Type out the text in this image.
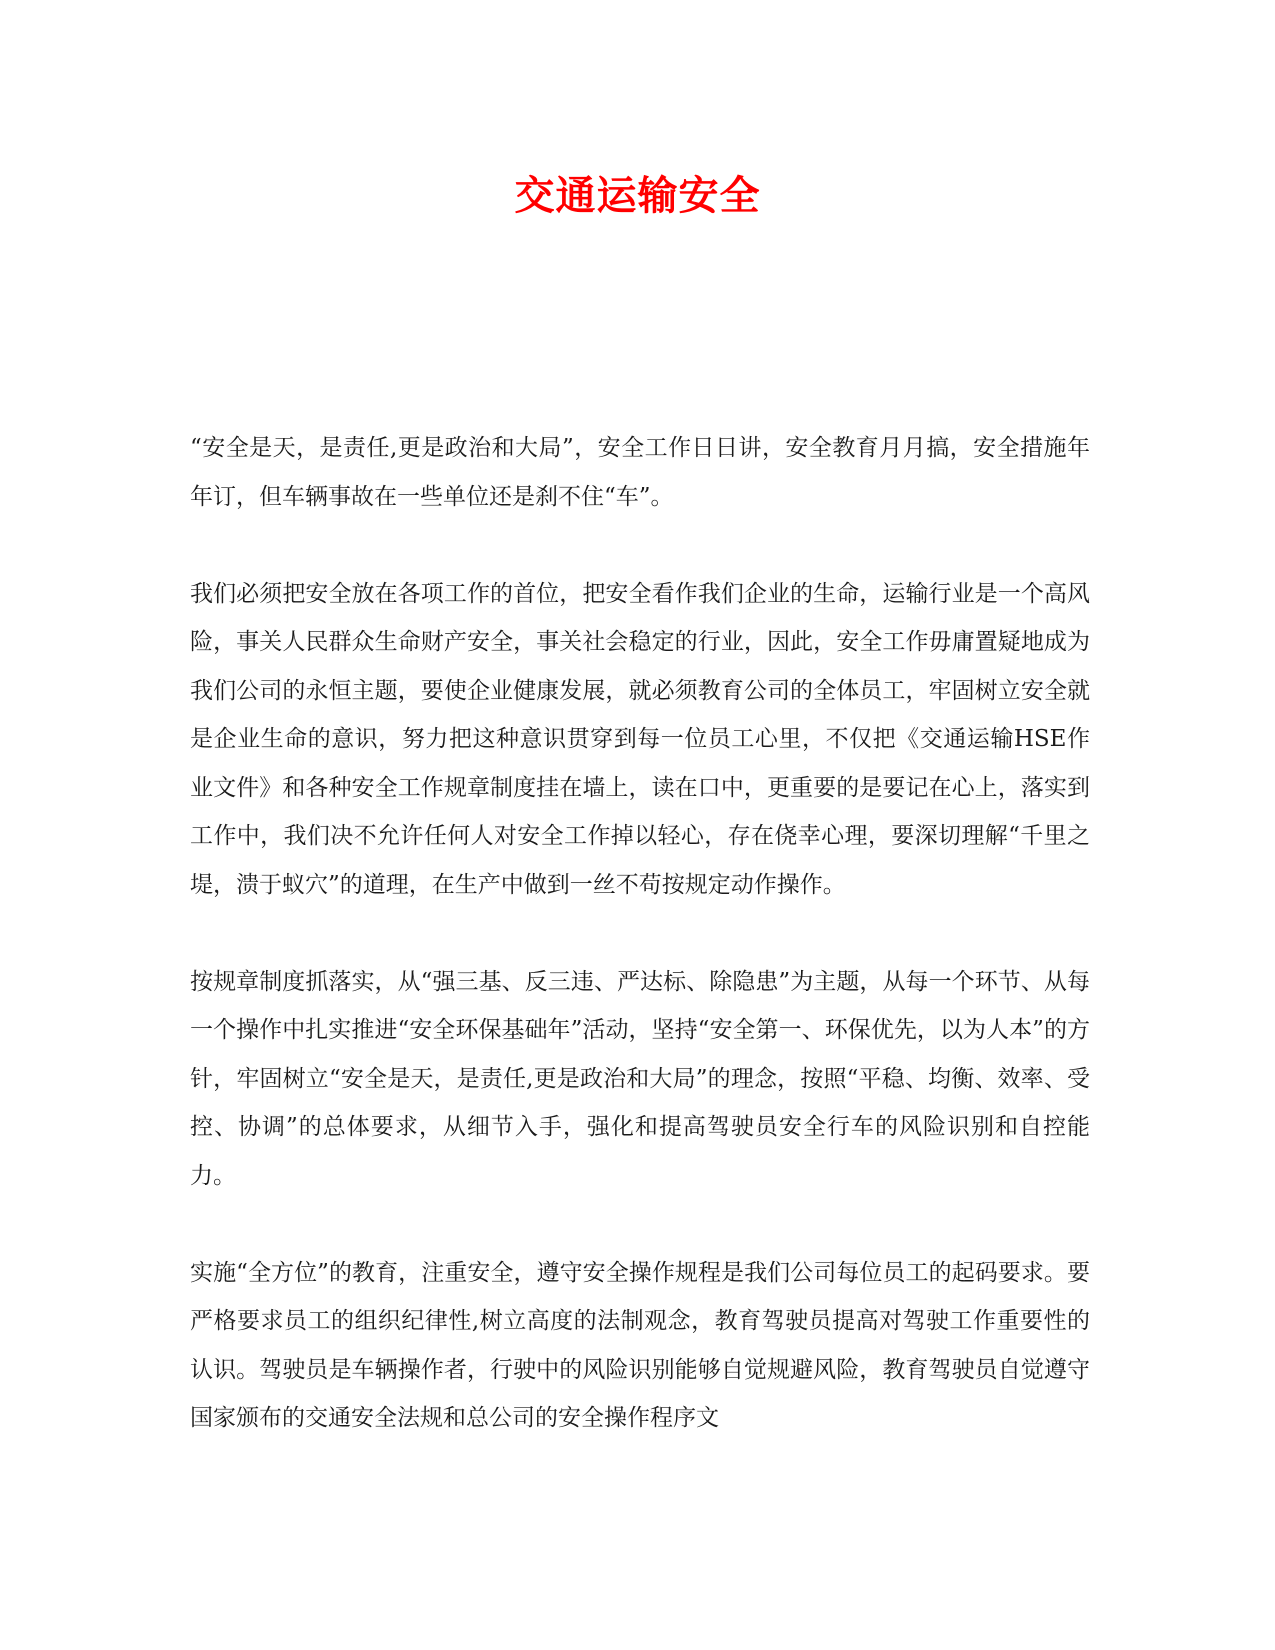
交通运输安全

“安全是天，是责任,更是政治和大局”，安全工作日日讲，安全教育月月搞，安全措施年年订，但车辆事故在一些单位还是刹不住“车”。

我们必须把安全放在各项工作的首位，把安全看作我们企业的生命，运输行业是一个高风险，事关人民群众生命财产安全，事关社会稳定的行业，因此，安全工作毋庸置疑地成为我们公司的永恒主题，要使企业健康发展，就必须教育公司的全体员工，牢固树立安全就是企业生命的意识，努力把这种意识贯穿到每一位员工心里，不仅把《交通运输HSE作业文件》和各种安全工作规章制度挂在墙上，读在口中，更重要的是要记在心上，落实到工作中，我们决不允许任何人对安全工作掉以轻心，存在侥幸心理，要深切理解“千里之堤，溃于蚁穴”的道理，在生产中做到一丝不苟按规定动作操作。

按规章制度抓落实，从“强三基、反三违、严达标、除隐患”为主题，从每一个环节、从每一个操作中扎实推进“安全环保基础年”活动，坚持“安全第一、环保优先，以为人本”的方针，牢固树立“安全是天，是责任,更是政治和大局”的理念，按照“平稳、均衡、效率、受控、协调”的总体要求，从细节入手，强化和提高驾驶员安全行车的风险识别和自控能力。

实施“全方位”的教育，注重安全，遵守安全操作规程是我们公司每位员工的起码要求。要严格要求员工的组织纪律性,树立高度的法制观念，教育驾驶员提高对驾驶工作重要性的认识。驾驶员是车辆操作者，行驶中的风险识别能够自觉规避风险，教育驾驶员自觉遵守国家颁布的交通安全法规和总公司的安全操作程序文
